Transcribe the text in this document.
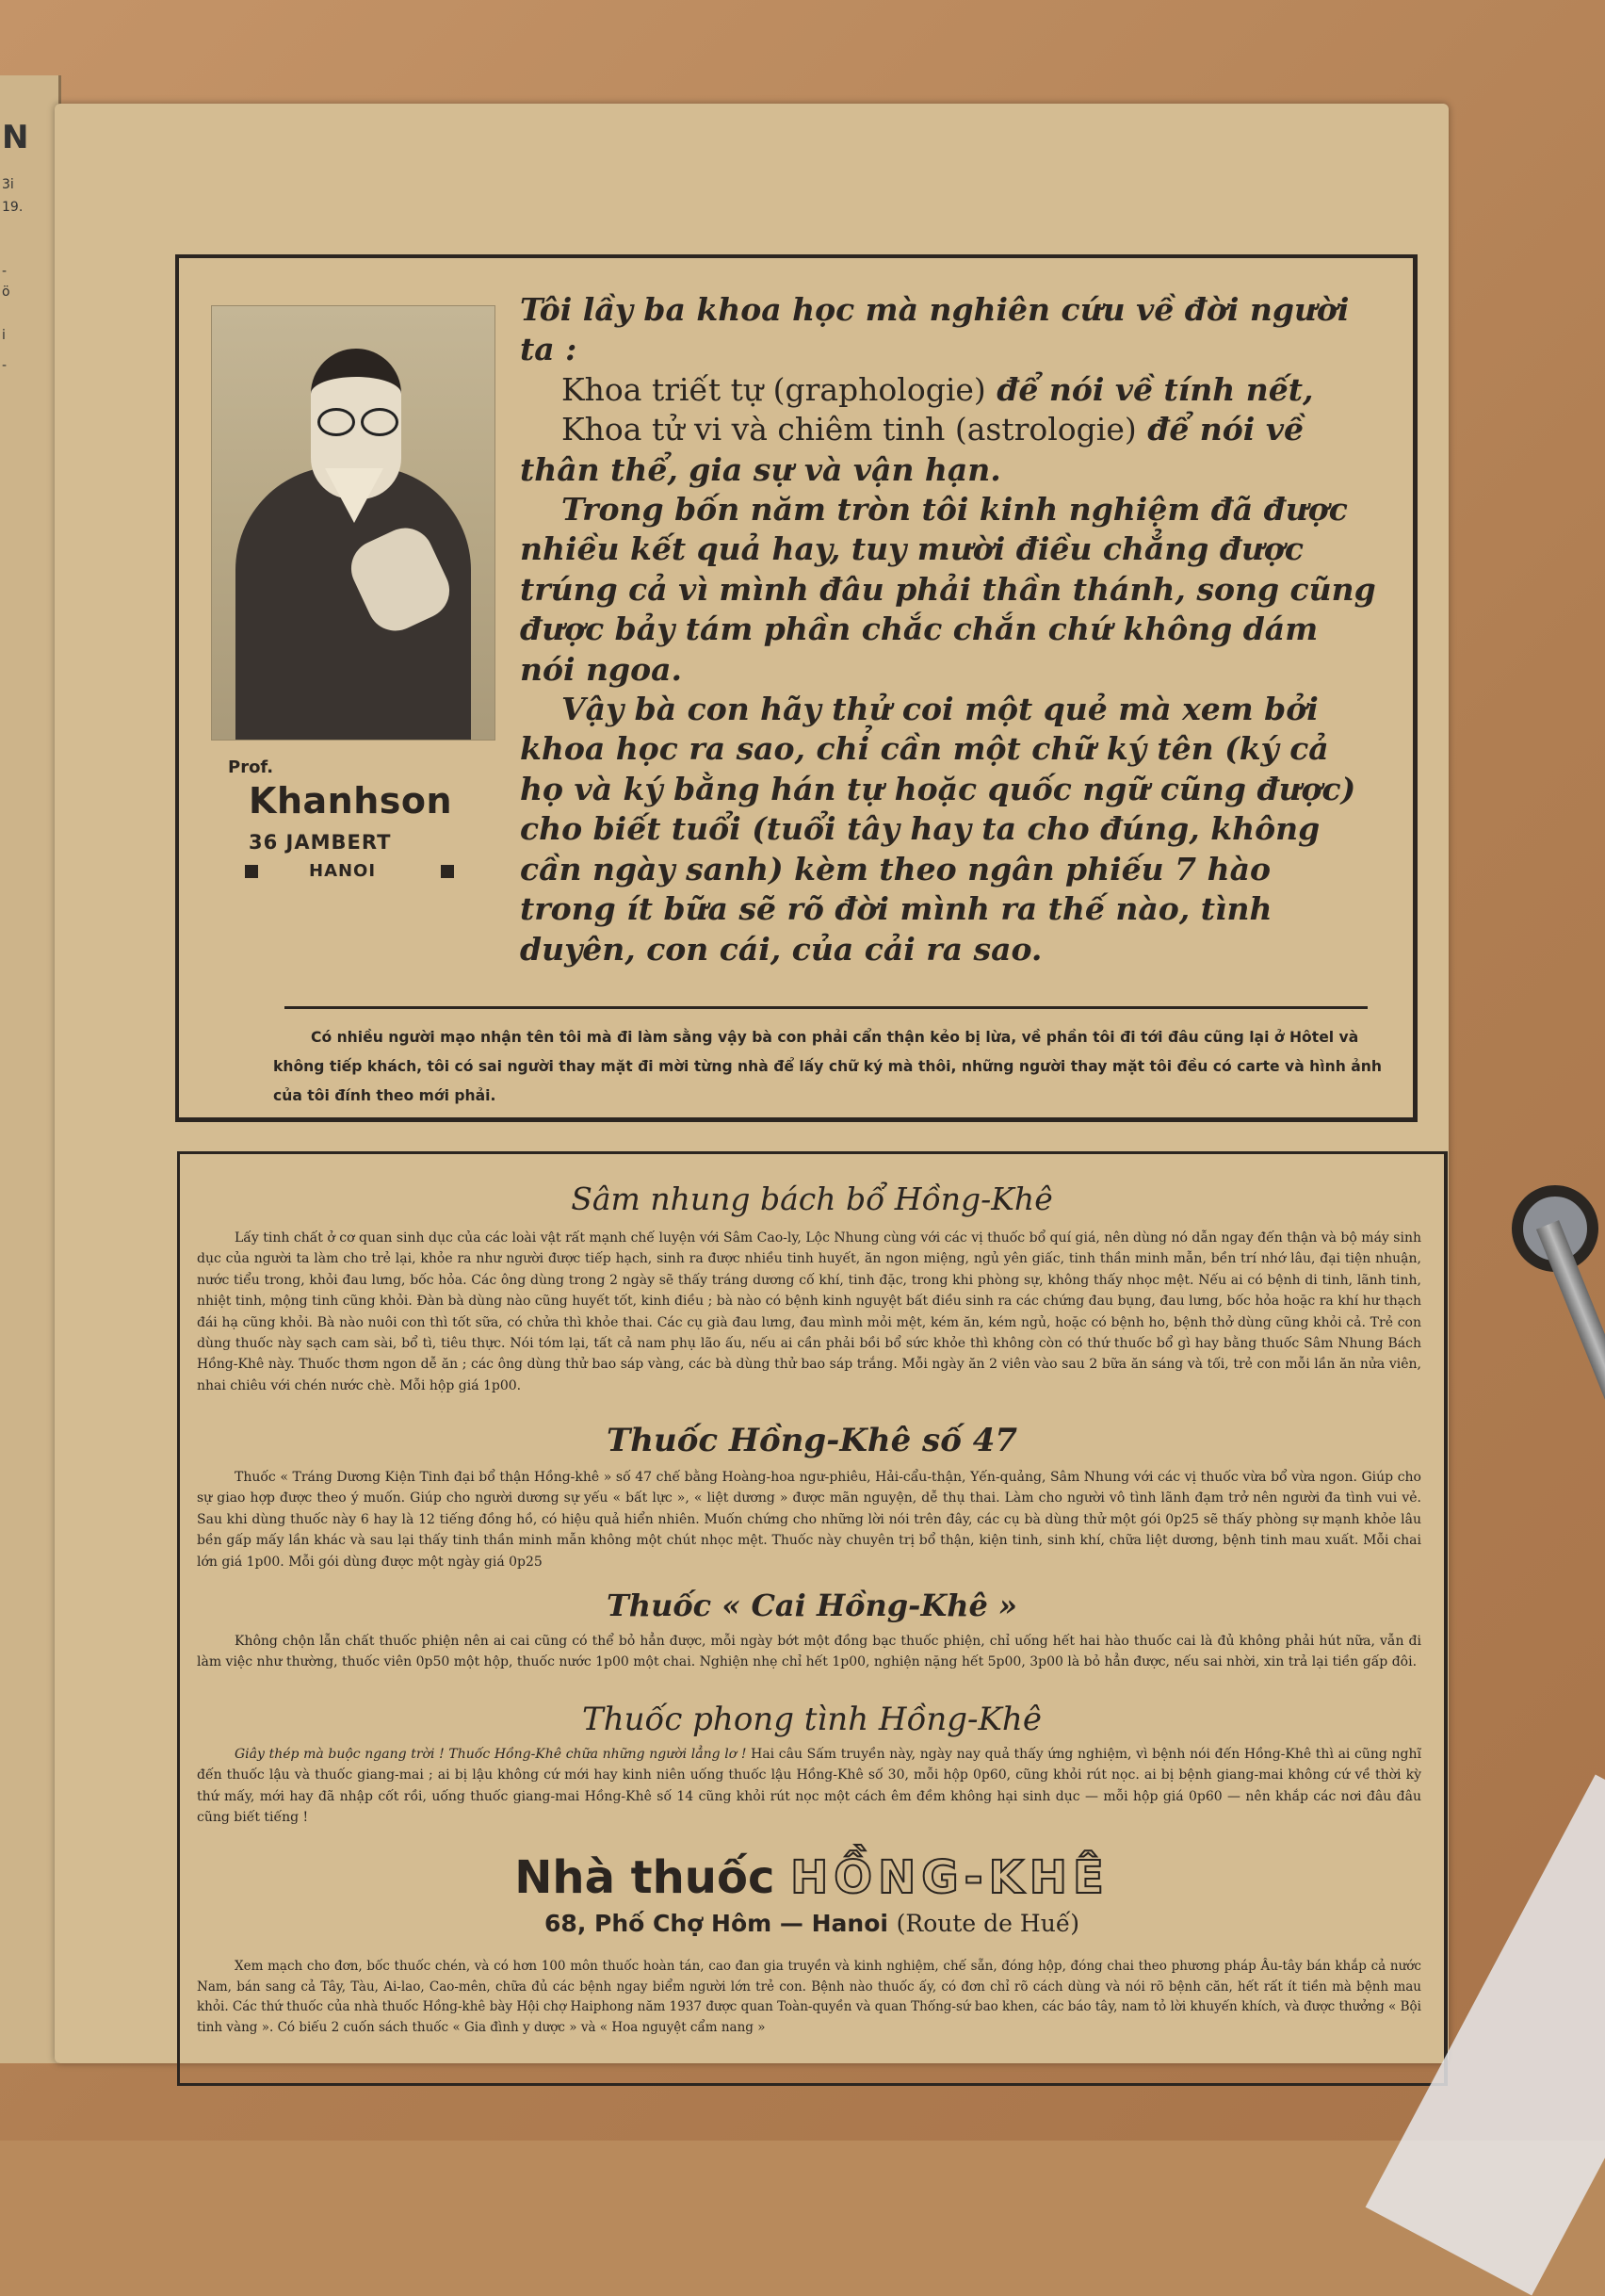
N
3i
19.
-
ö
i
-
Prof.
Khanhson
36 JAMBERT
HANOI

Tôi lầy ba khoa học mà nghiên cứu về đời người ta :

Khoa triết tự (graphologie) để nói về tính nết,

Khoa tử vi và chiêm tinh (astrologie) để nói về thân thể, gia sự và vận hạn.

Trong bốn năm tròn tôi kinh nghiệm đã được nhiều kết quả hay, tuy mười điều chẳng được trúng cả vì mình đâu phải thần thánh, song cũng được bảy tám phần chắc chắn chứ không dám nói ngoa.

Vậy bà con hãy thử coi một quẻ mà xem bởi khoa học ra sao, chỉ cần một chữ ký tên (ký cả họ và ký bằng hán tự hoặc quốc ngữ cũng được) cho biết tuổi (tuổi tây hay ta cho đúng, không cần ngày sanh) kèm theo ngân phiếu 7 hào trong ít bữa sẽ rõ đời mình ra thế nào, tình duyên, con cái, của cải ra sao.

Có nhiều người mạo nhận tên tôi mà đi làm sằng vậy bà con phải cẩn thận kẻo bị lừa, về phần tôi đi tới đâu cũng lại ở Hôtel và không tiếp khách, tôi có sai người thay mặt đi mời từng nhà để lấy chữ ký mà thôi, những người thay mặt tôi đều có carte và hình ảnh của tôi đính theo mới phải.

Sâm nhung bách bổ Hồng-Khê

Lấy tinh chất ở cơ quan sinh dục của các loài vật rất mạnh chế luyện với Sâm Cao-ly, Lộc Nhung cùng với các vị thuốc bổ quí giá, nên dùng nó dẫn ngay đến thận và bộ máy sinh dục của người ta làm cho trẻ lại, khỏe ra như người được tiếp hạch, sinh ra được nhiều tinh huyết, ăn ngon miệng, ngủ yên giấc, tinh thần minh mẫn, bền trí nhớ lâu, đại tiện nhuận, nước tiểu trong, khỏi đau lưng, bốc hỏa. Các ông dùng trong 2 ngày sẽ thấy tráng dương cố khí, tinh đặc, trong khi phòng sự, không thấy nhọc mệt. Nếu ai có bệnh di tinh, lãnh tinh, nhiệt tinh, mộng tinh cũng khỏi. Đàn bà dùng nào cũng huyết tốt, kinh điều ; bà nào có bệnh kinh nguyệt bất điều sinh ra các chứng đau bụng, đau lưng, bốc hỏa hoặc ra khí hư thạch đái hạ cũng khỏi. Bà nào nuôi con thì tốt sữa, có chửa thì khỏe thai. Các cụ già đau lưng, đau mình mỏi mệt, kém ăn, kém ngủ, hoặc có bệnh ho, bệnh thở dùng cũng khỏi cả. Trẻ con dùng thuốc này sạch cam sài, bổ tì, tiêu thực. Nói tóm lại, tất cả nam phụ lão ấu, nếu ai cần phải bồi bổ sức khỏe thì không còn có thứ thuốc bổ gì hay bằng thuốc Sâm Nhung Bách Hồng-Khê này. Thuốc thơm ngon dễ ăn ; các ông dùng thử bao sáp vàng, các bà dùng thử bao sáp trắng. Mỗi ngày ăn 2 viên vào sau 2 bữa ăn sáng và tối, trẻ con mỗi lần ăn nửa viên, nhai chiêu với chén nước chè. Mỗi hộp giá 1p00.

Thuốc Hồng-Khê số 47

Thuốc « Tráng Dương Kiện Tinh đại bổ thận Hồng-khê » số 47 chế bằng Hoàng-hoa ngư-phiêu, Hải-cẩu-thận, Yến-quảng, Sâm Nhung với các vị thuốc vừa bổ vừa ngon. Giúp cho sự giao hợp được theo ý muốn. Giúp cho người dương sự yếu « bất lực », « liệt dương » được mãn nguyện, dễ thụ thai. Làm cho người vô tình lãnh đạm trở nên người đa tình vui vẻ. Sau khi dùng thuốc này 6 hay là 12 tiếng đồng hồ, có hiệu quả hiển nhiên. Muốn chứng cho những lời nói trên đây, các cụ bà dùng thử một gói 0p25 sẽ thấy phòng sự mạnh khỏe lâu bền gấp mấy lần khác và sau lại thấy tinh thần minh mẫn không một chút nhọc mệt. Thuốc này chuyên trị bổ thận, kiện tinh, sinh khí, chữa liệt dương, bệnh tinh mau xuất. Mỗi chai lớn giá 1p00. Mỗi gói dùng được một ngày giá 0p25

Thuốc « Cai Hồng-Khê »

Không chộn lẫn chất thuốc phiện nên ai cai cũng có thể bỏ hẳn được, mỗi ngày bớt một đồng bạc thuốc phiện, chỉ uống hết hai hào thuốc cai là đủ không phải hút nữa, vẫn đi làm việc như thường, thuốc viên 0p50 một hộp, thuốc nước 1p00 một chai. Nghiện nhẹ chỉ hết 1p00, nghiện nặng hết 5p00, 3p00 là bỏ hẳn được, nếu sai nhời, xin trả lại tiền gấp đôi.

Thuốc phong tình Hồng-Khê

Giây thép mà buộc ngang trời ! Thuốc Hồng-Khê chữa những người lẳng lơ ! Hai câu Sấm truyền này, ngày nay quả thấy ứng nghiệm, vì bệnh nói đến Hồng-Khê thì ai cũng nghĩ đến thuốc lậu và thuốc giang-mai ; ai bị lậu không cứ mới hay kinh niên uống thuốc lậu Hồng-Khê số 30, mỗi hộp 0p60, cũng khỏi rút nọc. ai bị bệnh giang-mai không cứ về thời kỳ thứ mấy, mới hay đã nhập cốt rồi, uống thuốc giang-mai Hồng-Khê số 14 cũng khỏi rút nọc một cách êm đềm không hại sinh dục — mỗi hộp giá 0p60 — nên khắp các nơi đâu đâu cũng biết tiếng !

Nhà thuốc HỒNG-KHÊ
68, Phố Chợ Hôm — Hanoi (Route de Huế)

Xem mạch cho đơn, bốc thuốc chén, và có hơn 100 môn thuốc hoàn tán, cao đan gia truyền và kinh nghiệm, chế sẵn, đóng hộp, đóng chai theo phương pháp Âu-tây bán khắp cả nước Nam, bán sang cả Tây, Tàu, Ai-lao, Cao-mên, chữa đủ các bệnh ngay biểm người lớn trẻ con. Bệnh nào thuốc ấy, có đơn chỉ rõ cách dùng và nói rõ bệnh căn, hết rất ít tiền mà bệnh mau khỏi. Các thứ thuốc của nhà thuốc Hồng-khê bày Hội chợ Haiphong năm 1937 được quan Toàn-quyền và quan Thống-sứ bao khen, các báo tây, nam tỏ lời khuyến khích, và được thưởng « Bội tinh vàng ». Có biếu 2 cuốn sách thuốc « Gia đình y dược » và « Hoa nguyệt cẩm nang »
